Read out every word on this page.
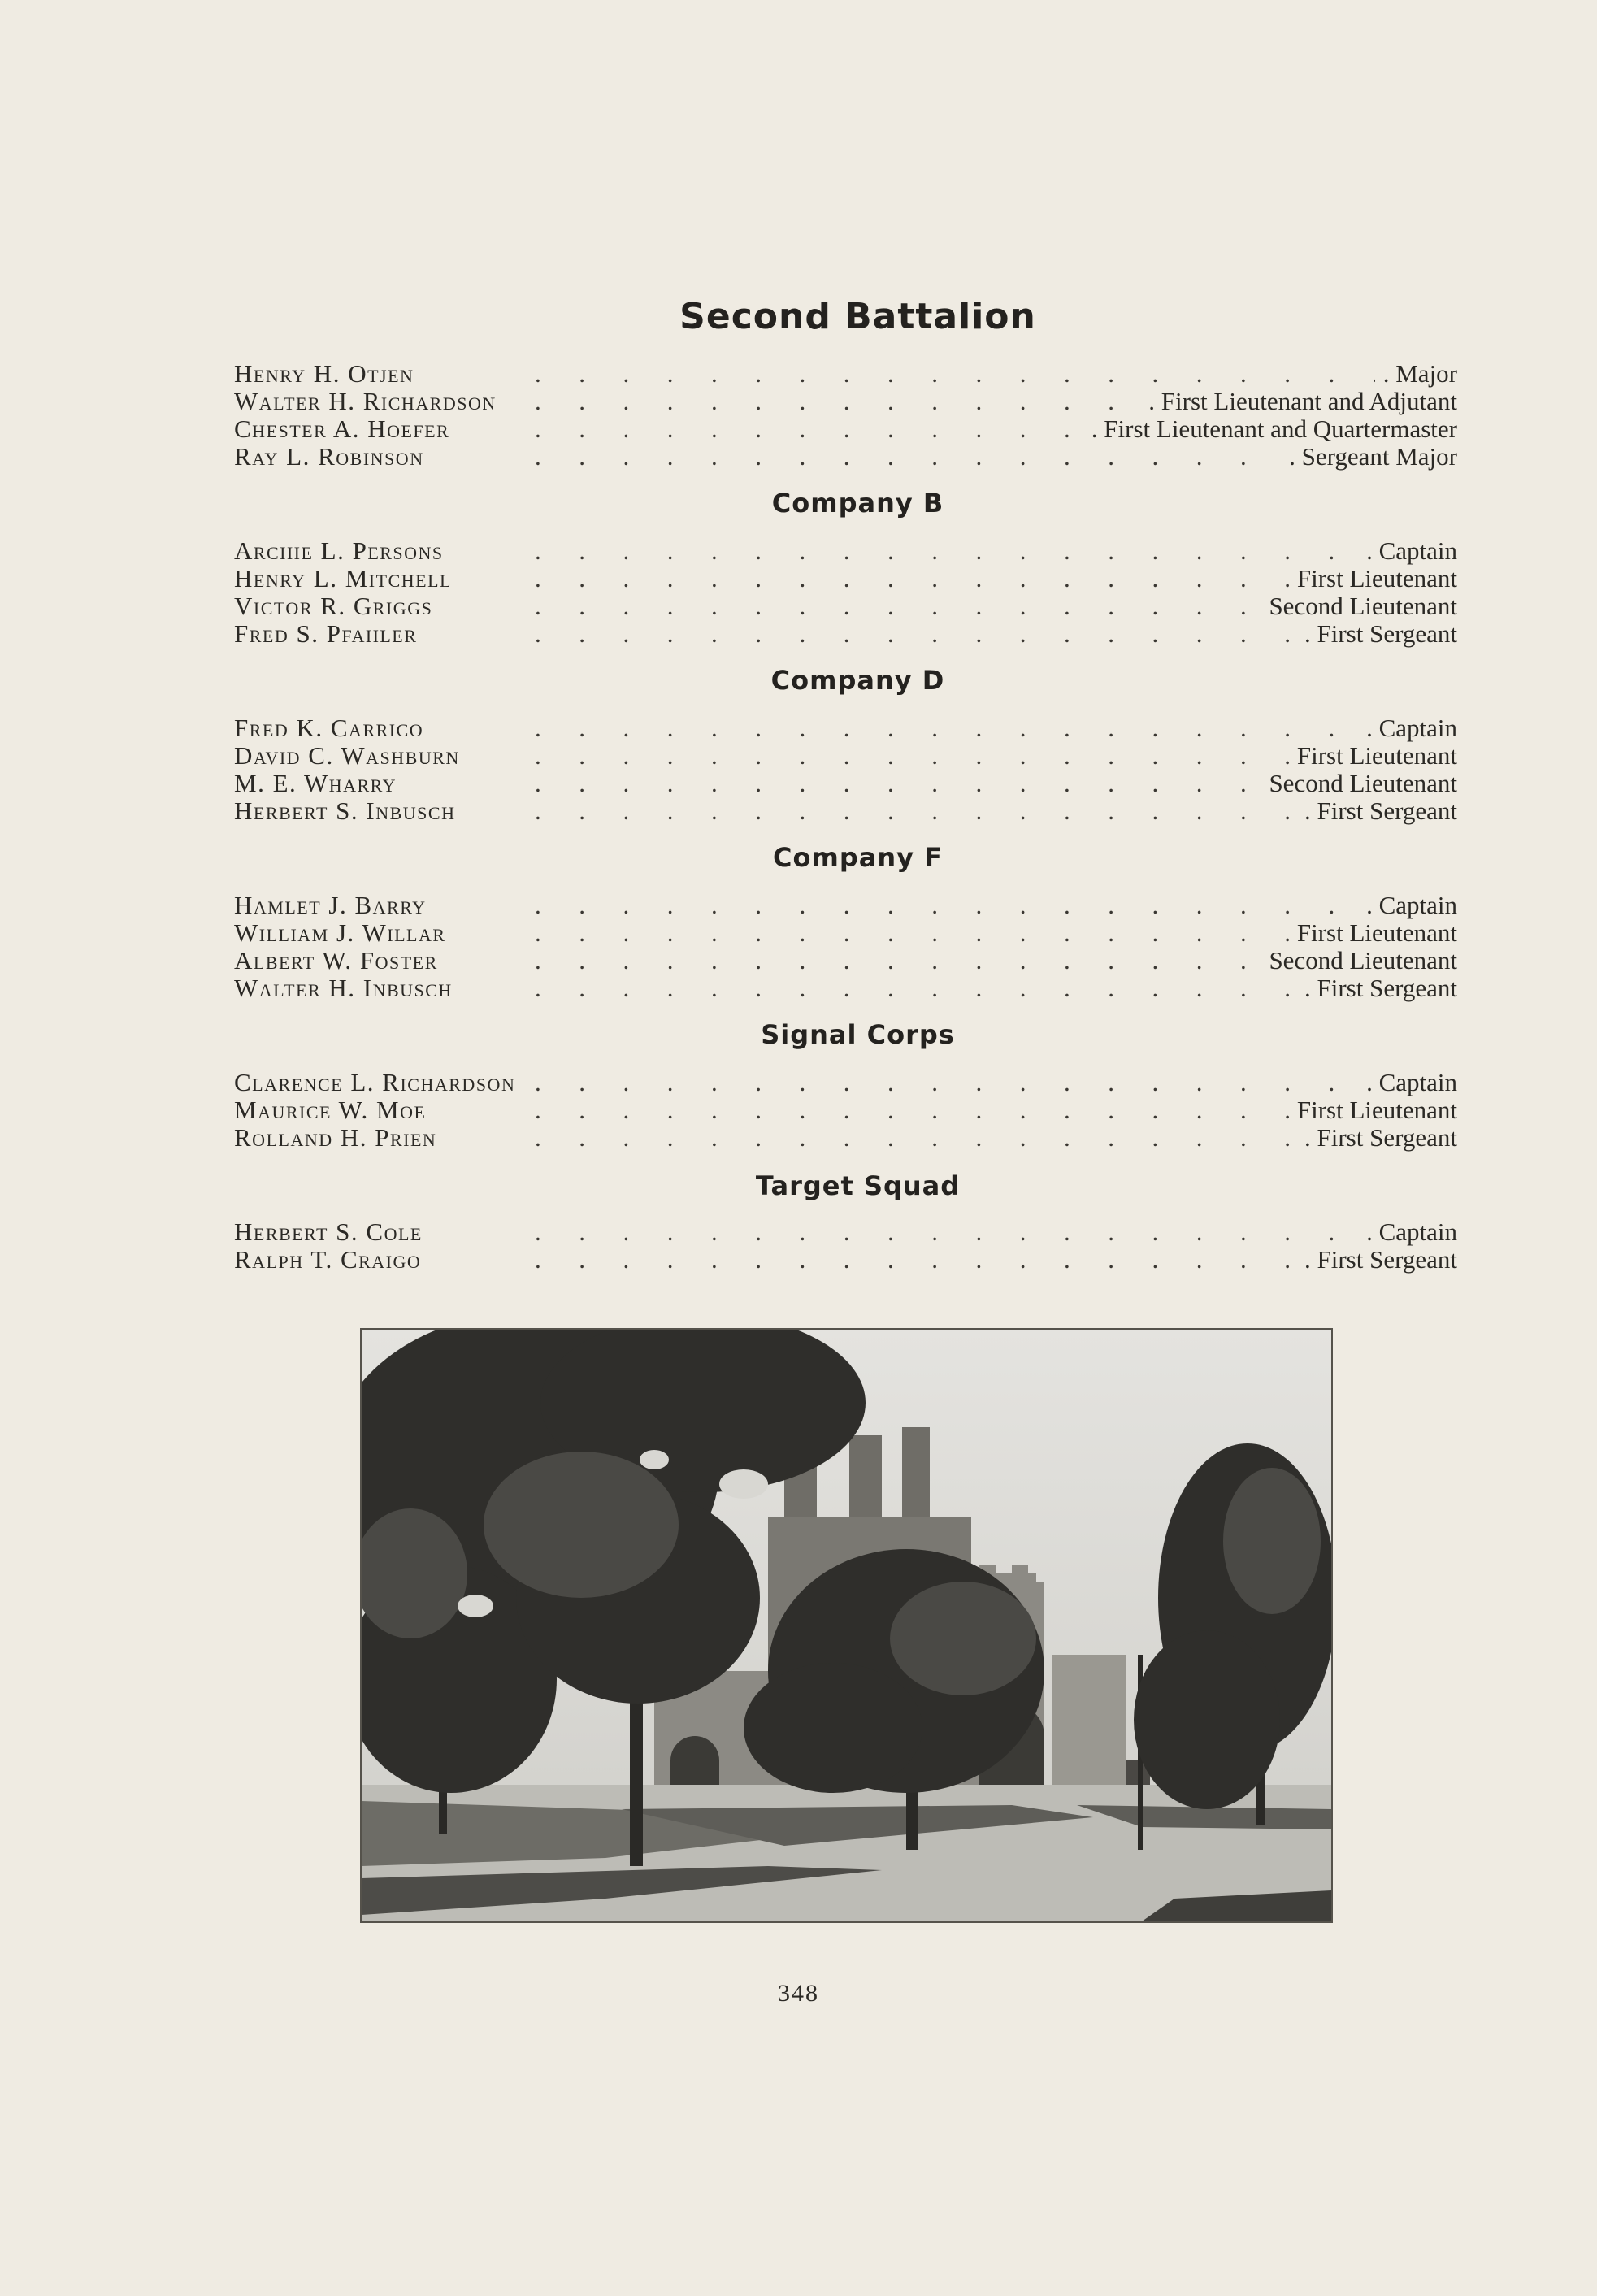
Second Battalion
Henry H. Otjen .	. Major
Walter H. Richardson .	. First Lieutenant and Adjutant
Chester A. Hoefer .	. First Lieutenant and Quartermaster
Ray L. Robinson .	. Sergeant Major
Company B
Archie L. Persons .	. Captain
Henry L. Mitchell .	First Lieutenant
Victor R. Griggs .	Second Lieutenant
Fred S. Pfahler .	. First Sergeant
Company D
Fred K. Carrico .	. Captain
David C. Washburn .	First Lieutenant
M. E. Wharry .	Second Lieutenant
Herbert S. Inbusch .	. First Sergeant
Company F
Hamlet J. Barry .	. Captain
William J. Willar .	First Lieutenant
Albert W. Foster .	Second Lieutenant
Walter H. Inbusch .	. First Sergeant
Signal Corps
Clarence L. Richardson .	. Captain
Maurice W. Moe .	First Lieutenant
Rolland H. Prien .	. First Sergeant
Target Squad
Herbert S. Cole .	. Captain
Ralph T. Craigo .	. First Sergeant
348
